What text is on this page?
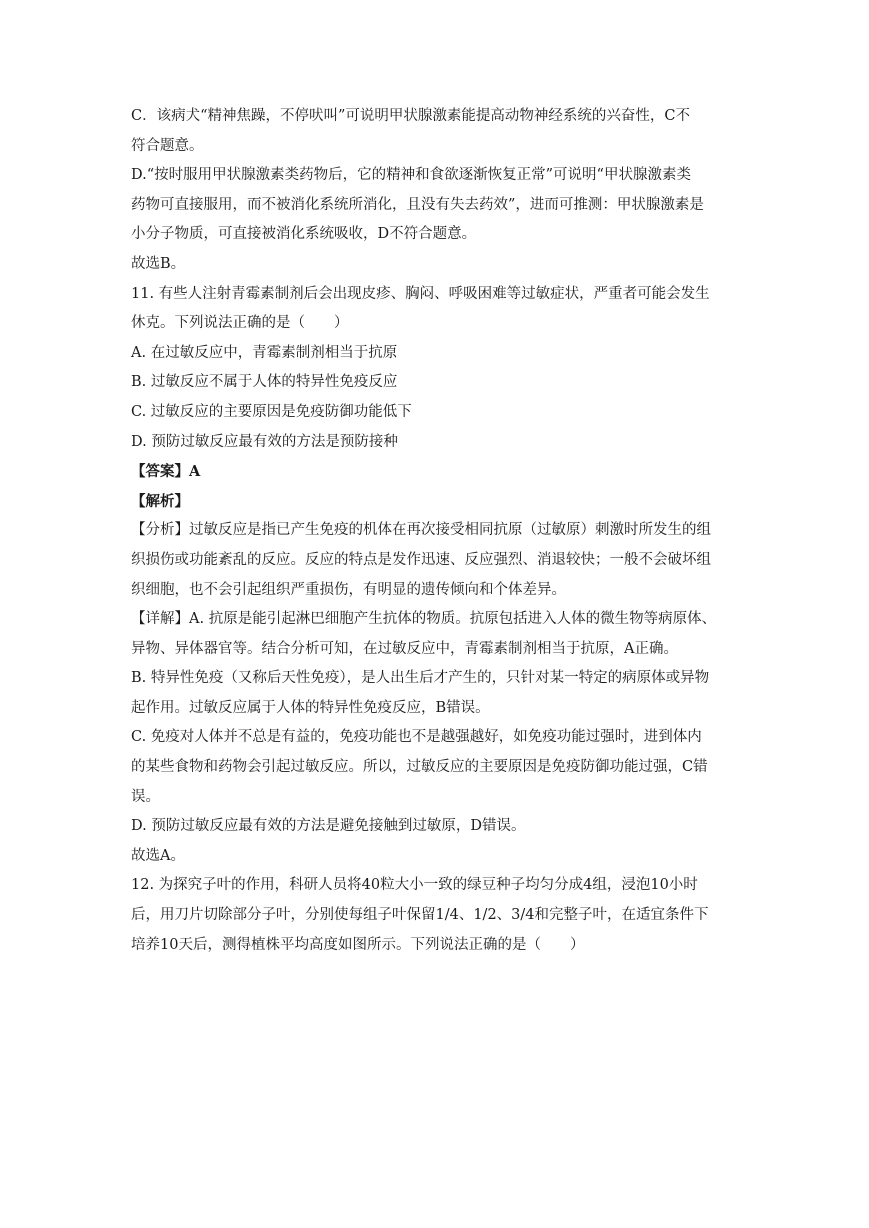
C．该病犬“精神焦躁，不停吠叫”可说明甲状腺激素能提高动物神经系统的兴奋性，C不
符合题意。
D.“按时服用甲状腺激素类药物后，它的精神和食欲逐渐恢复正常”可说明“甲状腺激素类
药物可直接服用，而不被消化系统所消化，且没有失去药效”，进而可推测：甲状腺激素是
小分子物质，可直接被消化系统吸收，D不符合题意。
故选B。
11. 有些人注射青霉素制剂后会出现皮疹、胸闷、呼吸困难等过敏症状，严重者可能会发生
休克。下列说法正确的是（　　）
A. 在过敏反应中，青霉素制剂相当于抗原
B. 过敏反应不属于人体的特异性免疫反应
C. 过敏反应的主要原因是免疫防御功能低下
D. 预防过敏反应最有效的方法是预防接种
【答案】A
【解析】
【分析】过敏反应是指已产生免疫的机体在再次接受相同抗原（过敏原）刺激时所发生的组
织损伤或功能紊乱的反应。反应的特点是发作迅速、反应强烈、消退较快；一般不会破坏组
织细胞，也不会引起组织严重损伤，有明显的遗传倾向和个体差异。
【详解】A. 抗原是能引起淋巴细胞产生抗体的物质。抗原包括进入人体的微生物等病原体、
异物、异体器官等。结合分析可知，在过敏反应中，青霉素制剂相当于抗原，A正确。
B. 特异性免疫（又称后天性免疫），是人出生后才产生的，只针对某一特定的病原体或异物
起作用。过敏反应属于人体的特异性免疫反应，B错误。
C. 免疫对人体并不总是有益的，免疫功能也不是越强越好，如免疫功能过强时，进到体内
的某些食物和药物会引起过敏反应。所以，过敏反应的主要原因是免疫防御功能过强，C错
误。
D. 预防过敏反应最有效的方法是避免接触到过敏原，D错误。
故选A。
12. 为探究子叶的作用，科研人员将40粒大小一致的绿豆种子均匀分成4组，浸泡10小时
后，用刀片切除部分子叶，分别使每组子叶保留1/4、1/2、3/4和完整子叶，在适宜条件下
培养10天后，测得植株平均高度如图所示。下列说法正确的是（　　）
